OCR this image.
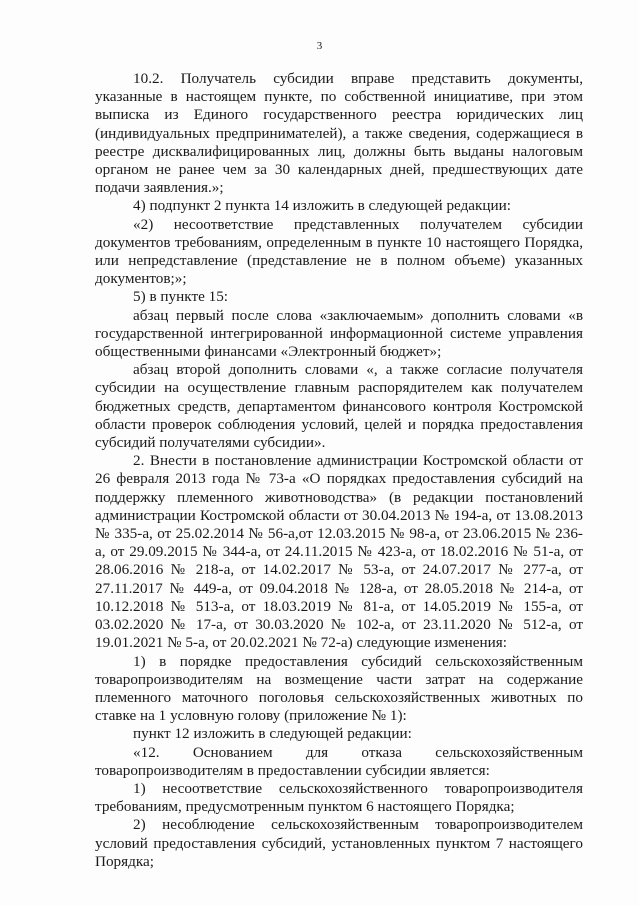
3

10.2. Получатель субсидии вправе представить документы, указанные в настоящем пункте, по собственной инициативе, при этом выписка из Единого государственного реестра юридических лиц (индивидуальных предпринимателей), а также сведения, содержащиеся в реестре дисквалифицированных лиц, должны быть выданы налоговым органом не ранее чем за 30 календарных дней, предшествующих дате подачи заявления.»;

4) подпункт 2 пункта 14 изложить в следующей редакции:

«2) несоответствие представленных получателем субсидии документов требованиям, определенным в пункте 10 настоящего Порядка, или непредставление (представление не в полном объеме) указанных документов;»;

5) в пункте 15:

абзац первый после слова «заключаемым» дополнить словами «в государственной интегрированной информационной системе управления общественными финансами «Электронный бюджет»;

абзац второй дополнить словами «, а также согласие получателя субсидии на осуществление главным распорядителем как получателем бюджетных средств, департаментом финансового контроля Костромской области проверок соблюдения условий, целей и порядка предоставления субсидий получателями субсидии».

2. Внести в постановление администрации Костромской области от 26 февраля 2013 года № 73-а «О порядках предоставления субсидий на поддержку племенного животноводства» (в редакции постановлений администрации Костромской области от 30.04.2013 № 194-а, от 13.08.2013 № 335-а, от 25.02.2014 № 56-а,от 12.03.2015 № 98-а, от 23.06.2015 № 236-а, от 29.09.2015 № 344-а, от 24.11.2015 № 423-а, от 18.02.2016 № 51-а, от 28.06.2016 № 218-а, от 14.02.2017 № 53-а, от 24.07.2017 № 277-а, от 27.11.2017 № 449-а, от 09.04.2018 № 128-а, от 28.05.2018 № 214-а, от 10.12.2018 № 513-а, от 18.03.2019 № 81-а, от 14.05.2019 № 155-а, от 03.02.2020 № 17-а, от 30.03.2020 № 102-а, от 23.11.2020 № 512-а, от 19.01.2021 № 5-а, от 20.02.2021 № 72-а) следующие изменения:

1) в порядке предоставления субсидий сельскохозяйственным товаропроизводителям на возмещение части затрат на содержание племенного маточного поголовья сельскохозяйственных животных по ставке на 1 условную голову (приложение № 1):

пункт 12 изложить в следующей редакции:

«12. Основанием для отказа сельскохозяйственным товаропроизводителям в предоставлении субсидии является:

1) несоответствие сельскохозяйственного товаропроизводителя требованиям, предусмотренным пунктом 6 настоящего Порядка;

2) несоблюдение сельскохозяйственным товаропроизводителем условий предоставления субсидий, установленных пунктом 7 настоящего Порядка;
